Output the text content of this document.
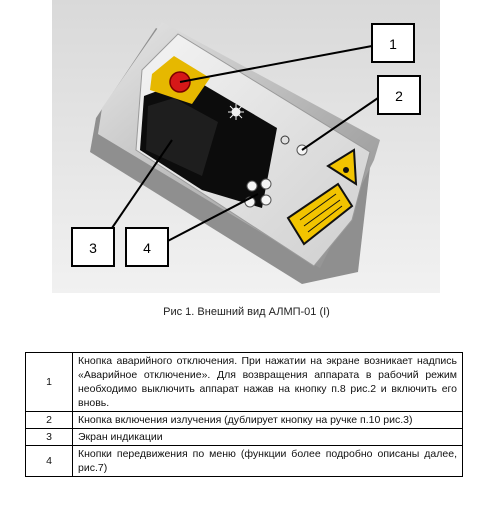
1
2
3	4
Рис 1. Внешний вид АЛМП-01 (I)
1	Кнопка аварийного отключения. При нажатии на экране возникает надпись «Аварийное отключение». Для возвращения аппарата в рабочий режим необходимо выключить аппарат нажав на кнопку п.8 рис.2 и включить его вновь.
2	Кнопка включения излучения (дублирует кнопку на ручке п.10 рис.3)
3	Экран индикации
4	Кнопки передвижения по меню (функции более подробно описаны далее, рис.7)
